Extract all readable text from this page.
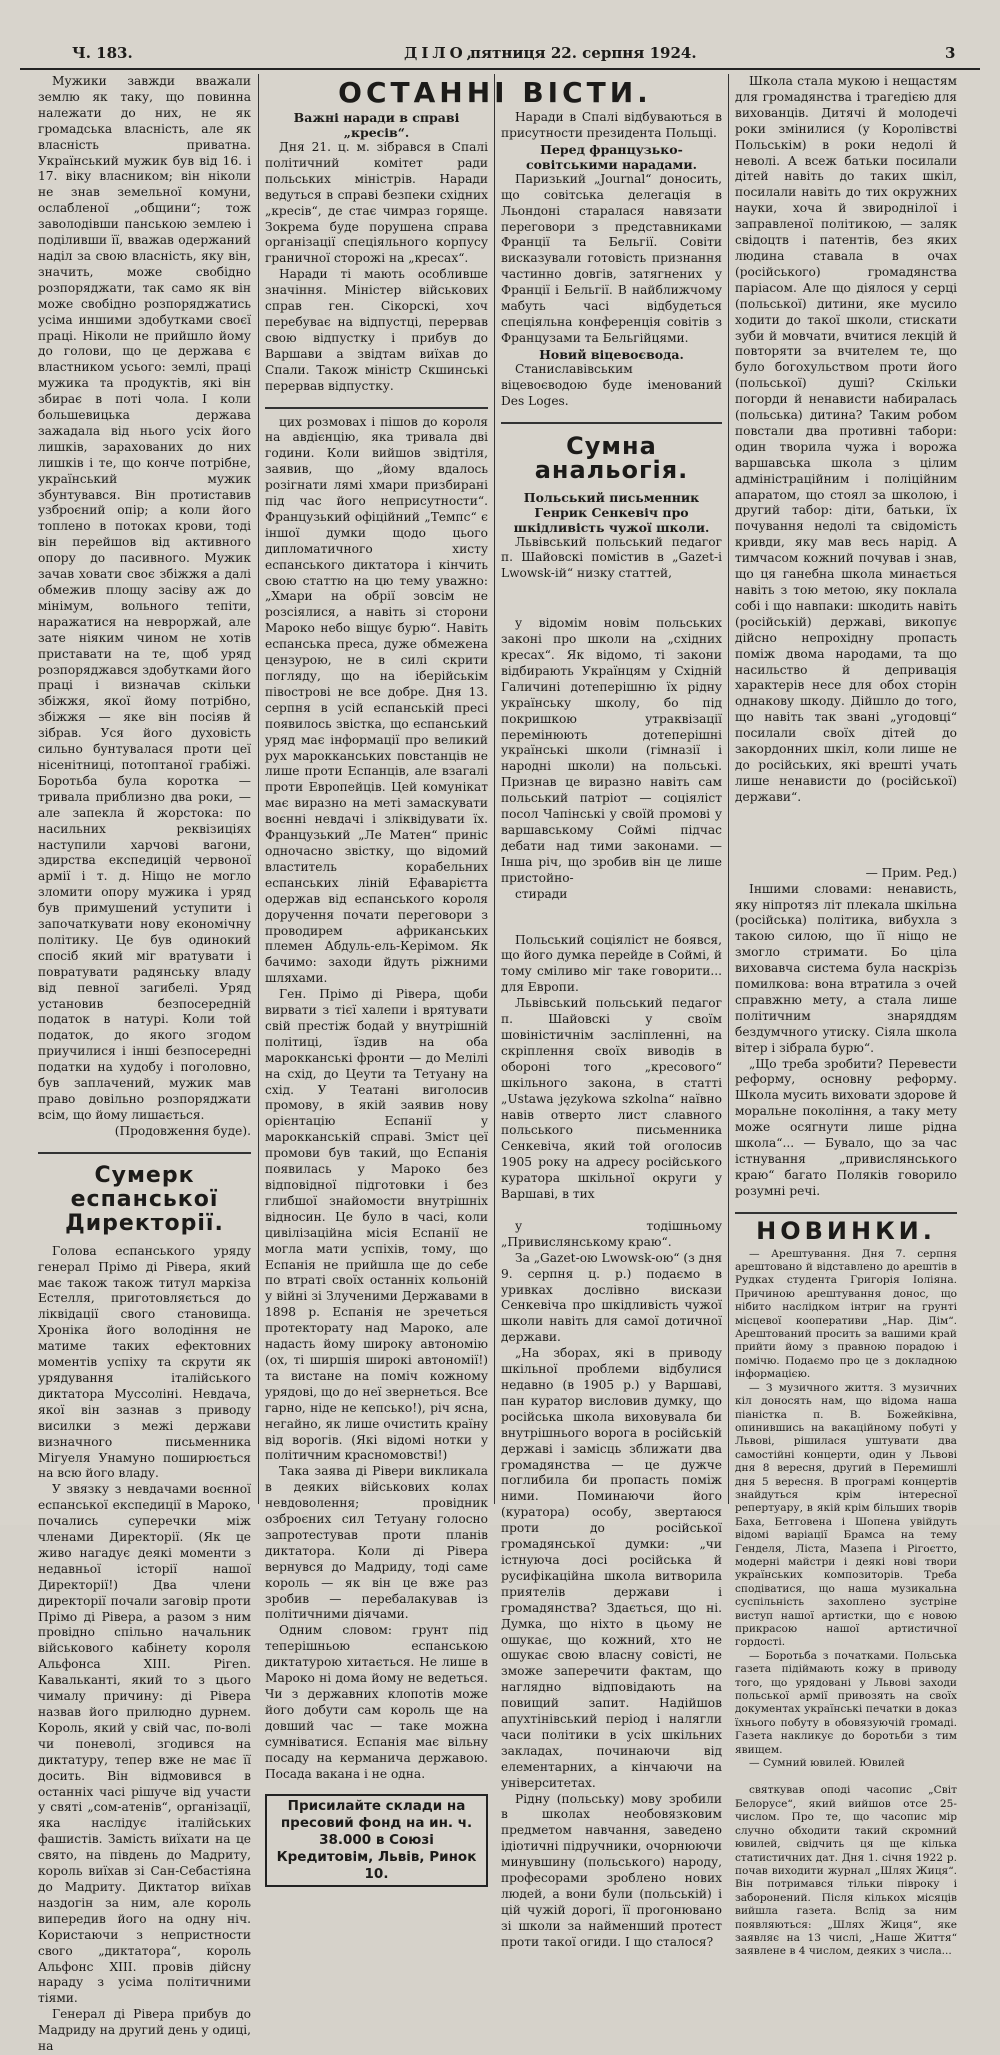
Ч. 183.	ДІЛО,
пятниця 22. серпня 1924.	3

Мужики завжди вважали землю як таку, що повинна належати до них, не як громадська власність, але як власність приватна. Український мужик був від 16. і 17. віку власником; він ніколи не знав земельної комуни, ослабленої „общини“; тож заволодівши панською землею і поділивши її, вважав одержаний наділ за свою власність, яку він, значить, може свобідно розпоряджати, так само як він може свобідно розпоряджатись усіма иншими здобутками своєї праці. Ніколи не прийшло йому до голови, що це держава є властником усього: землі, праці мужика та продуктів, які він збирає в поті чола. І коли большевицька держава зажадала від нього усіх його лишків, зарахованих до них лишків і те, що конче потрібне, український мужик збунтувався. Він протиставив узброєний опір; а коли його топлено в потоках крови, тоді він перейшов від активного опору до пасивного. Мужик зачав ховати своє збіжжя а далі обмежив площу засіву аж до мінімум, вольного тепіти, наражатися на невроржай, але зате ніяким чином не хотів приставати на те, щоб уряд розпоряджався здобутками його праці і визначав скільки збіжжя, якої йому потрібно, збіжжя — яке він посіяв й зібрав. Уся його духовість сильно бунтувалася проти цеї нісенітниці, потоптаної грабіжі. Боротьба була коротка — тривала приблизно два роки, — але запекла й жорстока: по насильних реквізиціях наступили харчові вагони, здирства експедицій червоної армії і т. д. Ніщо не могло зломити опору мужика і уряд був примушений уступити і започаткувати нову економічну політику. Це був одинокий спосіб який міг вратувати і повратувати радянську владу від певної загибелі. Уряд установив безпосередній податок в натурі. Коли той податок, до якого згодом приучилися і інші безпосередні податки на худобу і поголовно, був заплачений, мужик мав право довільно розпоряджати всім, що йому лишається.

(Продовження буде).

Сумерк еспанської Директорії.

Голова еспанського уряду генерал Прімо ді Рівера, який має також також титул маркіза Естелля, приготовляється до ліквідації свого становища. Хроніка його володіння не матиме таких ефектовних моментів успіху та скрути як урядування італійського диктатора Муссоліні. Невдача, якої він зазнав з приводу висилки з межі держави визначного письменника Мігуеля Унамуно поширюється на всю його владу.

У звязку з невдачами воєнної еспанської експедиції в Мароко, почались суперечки між членами Директорії. (Як це живо нагадує деякі моменти з недавньої історії нашої Директорії!) Два члени директорії почали заговір проти Прімо ді Рівера, а разом з ним провідно спільно начальник військового кабінету короля Альфонса XIII. Рігеn. Кавальканті, який то з цього чималу причину: ді Рівера назвав його прилюдно дурнем. Король, який у свій час, по-волі чи поневолі, згодився на диктатуру, тепер вже не має її досить. Він відмовився в останніх часі рішуче від участи у святі „сом-атенів“, організації, яка наслідує італійських фашистів. Замість виїхати на це свято, на південь до Мадриту, король виїхав зі Сан-Себастіяна до Мадриту. Диктатор виїхав наздогін за ним, але король випередив його на одну ніч. Користаючи з непристности свого „диктатора“, король Альфонс XIII. провів дійсну нараду з усіма політичними тіями.

Генерал ді Рівера прибув до Мадриду на другий день у одиці, на

ОСТАННІ ВІСТИ.

Важні наради в справі „кресів“.

Дня 21. ц. м. зібрався в Спалі політичний комітет ради польських міністрів. Наради ведуться в справі безпеки східних „кресів“, де стає чимраз горяще. Зокрема буде порушена справа організації спеціяльного корпусу граничної сторожі на „кресах“.

Наради ті мають особливше значіння. Міністер військових справ ген. Сікорскі, хоч перебуває на відпустці, перервав свою відпустку і прибув до Варшави а звідтам виїхав до Спали. Також міністр Скшинські перервав відпустку.

цих розмовах і пішов до короля на авдієнцію, яка тривала дві години. Коли вийшов звідтіля, заявив, що „йому вдалось розігнати лямі хмари призбирані під час його неприсутности“. Французький офіційний „Темпс“ є іншої думки щодо цього дипломатичного хисту еспанського диктатора і кінчить свою статтю на цю тему уважно: „Хмари на обрії зовсім не розсіялися, а навіть зі сторони Мароко небо віщує бурю“. Навіть еспанська преса, дуже обмежена цензурою, не в силі скрити погляду, що на іберійськім півострові не все добре. Дня 13. серпня в усій еспанській пресі появилось звістка, що еспанський уряд має інформації про великий рух марокканських повстанців не лише проти Еспанців, але взагалі проти Европейців. Цей комунікат має виразно на меті замаскувати воєнні невдачі і зліквідувати їх. Французький „Ле Матен“ приніс одночасно звістку, що відомий властитель корабельних еспанських ліній Ефаварієтта одержав від еспанського короля доручення почати переговори з проводирем африканських племен Абдуль-ель-Керімом. Як бачимо: заходи йдуть ріжними шляхами.

Ген. Прімо ді Рівера, щоби вирвати з тієї халепи і врятувати свій престіж бодай у внутрішній політиці, їздив на оба марокканські фронти — до Мелілі на схід, до Цеути та Тетуану на схід. У Театані виголосив промову, в якій заявив нову орієнтацію Еспанії у марокканській справі. Зміст цеї промови був такий, що Еспанія появилась у Мароко без відповідної підготовки і без глибшої знайомости внутрішніх відносин. Це було в часі, коли цивілізаційна місія Еспанії не могла мати успіхів, тому, що Еспанія не прийшла ще до себе по втраті своїх останніх кольоній у війні зі Злученими Державами в 1898 р. Еспанія не зречеться протекторату над Мароко, але надасть йому широку автономію (ох, ті ширшія широкі автономії!) та вистане на поміч кожному урядові, що до неї звернеться. Все гарно, ніде не кепсько!), річ ясна, негайно, як лише очистить країну від ворогів. (Які відомі нотки у політичним красномовстві!)

Така заява ді Рівери викликала в деяких військових колах невдоволення; провідник озброєних сил Тетуану голосно запротестував проти планів диктатора. Коли ді Рівера вернувся до Мадриду, тоді саме король — як він це вже раз зробив — перебалакував із політичними діячами.

Одним словом: грунт під теперішньою еспанською диктатурою хитається. Не лише в Мароко ні дома йому не ведеться. Чи з державних клопотів може його добути сам король ще на довший час — таке можна сумніватися. Еспанія має вільну посаду на керманича державою. Посада вакана і не одна.

Присилайте склади на пресовий фонд на ин. ч. 38.000 в Союзі Кредитовім, Львів, Ринок 10.

Наради в Спалі відбуваються в присутности президента Польщі.

Перед французько-совітськими нарадами.

Паризький „Journal“ доносить, що совітська делегація в Льондоні старалася навязати переговори з представниками Франції та Бельгії. Совіти висказували готовість признання частинно довгів, затягнених у Франції і Бельгії. В найближчому мабуть часі відбудеться спеціяльна конференція совітів з Французами та Бельгійцями.

Новий віцевоєвода.

Станиславівським віцевоєводою буде іменований Des Loges.

Сумна анальогія.

Польський письменник Генрик Сенкевіч про шкідливість чужої школи.

Львівський польський педагог п. Шайовскі помістив в „Gazet-i Lwowsk-ій“ низку статтей,

у відомім новім польських законі про школи на „східних кресах“. Як відомо, ті закони відбирають Українцям у Східній Галичині дотеперішню їх рідну українську школу, бо під покришкою утраквізації перемінюють дотеперішні українські школи (гімназії і народні школи) на польські. Признав це виразно навіть сам польський патріот — соціяліст посол Чапінські у своїй промові у варшавському Соймі підчас дебати над тими законами. — Інша річ, що зробив він це лише пристойно-

стиради

Польський соціяліст не боявся, що його думка перейде в Соймі, й тому сміливо міг таке говорити... для Европи.

Львівський польський педагог п. Шайовскі у своїм шовіністичнім засліпленні, на скріплення своїх виводів в обороні того „кресового“ шкільного закона, в статті „Ustawa językowa szkolna“ наївно навів отверто лист славного польського письменника Сенкевіча, який той оголосив 1905 року на адресу російського куратора шкільної округи у Варшаві, в тих

у тодішньому „Привислянському краю“.

За „Gazet-ою Lwowsk-ою“ (з дня 9. серпня ц. р.) подаємо в уривках дослівно вискази Сенкевіча про шкідливість чужої школи навіть для самої дотичної держави.

„На зборах, які в приводу шкільної проблеми відбулися недавно (в 1905 р.) у Варшаві, пан куратор висловив думку, що російська школа виховувала би внутрішнього ворога в російській державі і замісць зближати два громадянства — це дужче поглибила би пропасть поміж ними. Поминаючи його (куратора) особу, звертаюся проти до російської громадянської думки: „чи істнуюча досі російська й русифікаційна школа витворила приятелів держави і громадянства? Здається, що ні. Думка, що ніхто в цьому не ошукає, що кожний, хто не ошукає свою власну совісті, не зможе заперечити фактам, що наглядно відповідають на повищий запит. Надійшов апухтінівський період і налягли часи політики в усіх шкільних закладах, починаючи від елементарних, а кінчаючи на університетах.

Рідну (польську) мову зробили в школах необовязковим предметом навчання, заведено ідіотичні підручники, очорнюючи минувшину (польського) народу, професорами зроблено нових людей, а вони були (польській) і цій чужій дорогі, її прогонювано зі школи за найменший протест проти такої огиди. І що сталося?

Школа стала мукою і нещастям для громадянства і трагедією для вихованців. Дитячі й молодечі роки змінилися (у Королівстві Польськім) в роки недолі й неволі. А всеж батьки посилали дітей навіть до таких шкіл, посилали навіть до тих окружних науки, хоча й звироднілої і заправленої політикою, — заляк свідоцтв і патентів, без яких людина ставала в очах (російського) громадянства паріасом. Але що діялося у серці (польської) дитини, яке мусило ходити до такої школи, стискати зуби й мовчати, вчитися лекцій й повторяти за вчителем те, що було богохульством проти його (польської) душі? Скільки погорди й ненависти набиралась (польська) дитина? Таким робом повстали два противні табори: один творила чужа і ворожа варшавська школа з цілим адміністраційним і поліційним апаратом, що стоял за школою, і другий табор: діти, батьки, їх почування недолі та свідомість кривди, яку мав весь нарід. А тимчасом кожний почував і знав, що ця ганебна школа минається навіть з тою метою, яку поклала собі і що навпаки: шкодить навіть (російській) державі, викопує дійсно непрохідну пропасть поміж двома народами, та що насильство й депривація характерів несе для обох сторін однакову шкоду. Дійшло до того, що навіть так звані „угодовці“ посилали своїх дітей до закордонних шкіл, коли лише не до російських, які врешті учать лише ненависти до (російської) держави“.

— Прим. Ред.)

Іншими словами: ненависть, яку ніпротяз літ плекала шкільна (російська) політика, вибухла з такою силою, що її ніщо не змогло стримати. Бо ціла виховавча система була наскрізь помилкова: вона втратила з очей справжню мету, а стала лише політичним знаряддям бездумчного утиску. Сіяла школа вітер і зібрала бурю“.

„Що треба зробити? Перевести реформу, основну реформу. Школа мусить виховати здорове й моральне покоління, а таку мету може осягнути лише рідна школа“... — Бувало, що за час істнування „привислянського краю“ багато Поляків говорило розумні речі.

НОВИНКИ.

— Арештування. Дня 7. серпня арештовано й відставлено до арештів в Рудках студента Григорія Іоліяна. Причиною арештування донос, що нібито наслідком інтриг на грунті місцевої кооперативи „Нар. Дім“. Арештований просить за вашими край прийти йому з правною порадою і помічю. Подаємо про це з докладною інформацією.

— З музичного життя. З музичних кіл доносять нам, що відома наша піаністка п. В. Божейківна, опинившись на вакаційному побуті у Львові, рішилася уштувати два самостійні концерти, один у Львові дня 8 вересня, другий в Перемишлі дня 5 вересня. В програмі концертів знайдуться крім інтересної репертуару, в якій крім більших творів Баха, Бетговена і Шопена увійдуть відомі варіації Брамса на тему Генделя, Ліста, Мазепа і Рігоєтто, модерні майстри і деякі нові твори українських композиторів. Треба сподіватися, що наша музикальна суспільність захоплено зустріне виступ нашої артистки, що є новою прикрасою нашої артистичної гордості.

— Боротьба з початками. Польська газета підіймають кожу в приводу того, що урядовані у Львові заходи польської армії привозять на своїх документах українські печатки в доказ їхнього побуту в обовязуючій громаді. Газета накликує до боротьби з тим явищем.

— Сумний ювилей. Ювилей

святкував оподі часопис „Світ Белорусе“, який вийшов отсе 25-числом. Про те, що часопис мір случно обходити такий скромний ювилей, свідчить ця ще кілька статистичних дат. Дня 1. січня 1922 р. почав виходити журнал „Шлях Жиця“. Він потримався тільки півроку і заборонений. Після кількох місяців вийшла газета. Вслід за ним появляються: „Шлях Жиця“, яке заявляє на 13 числі, „Наше Життя“ заявлене в 4 числом, деяких з числа...
